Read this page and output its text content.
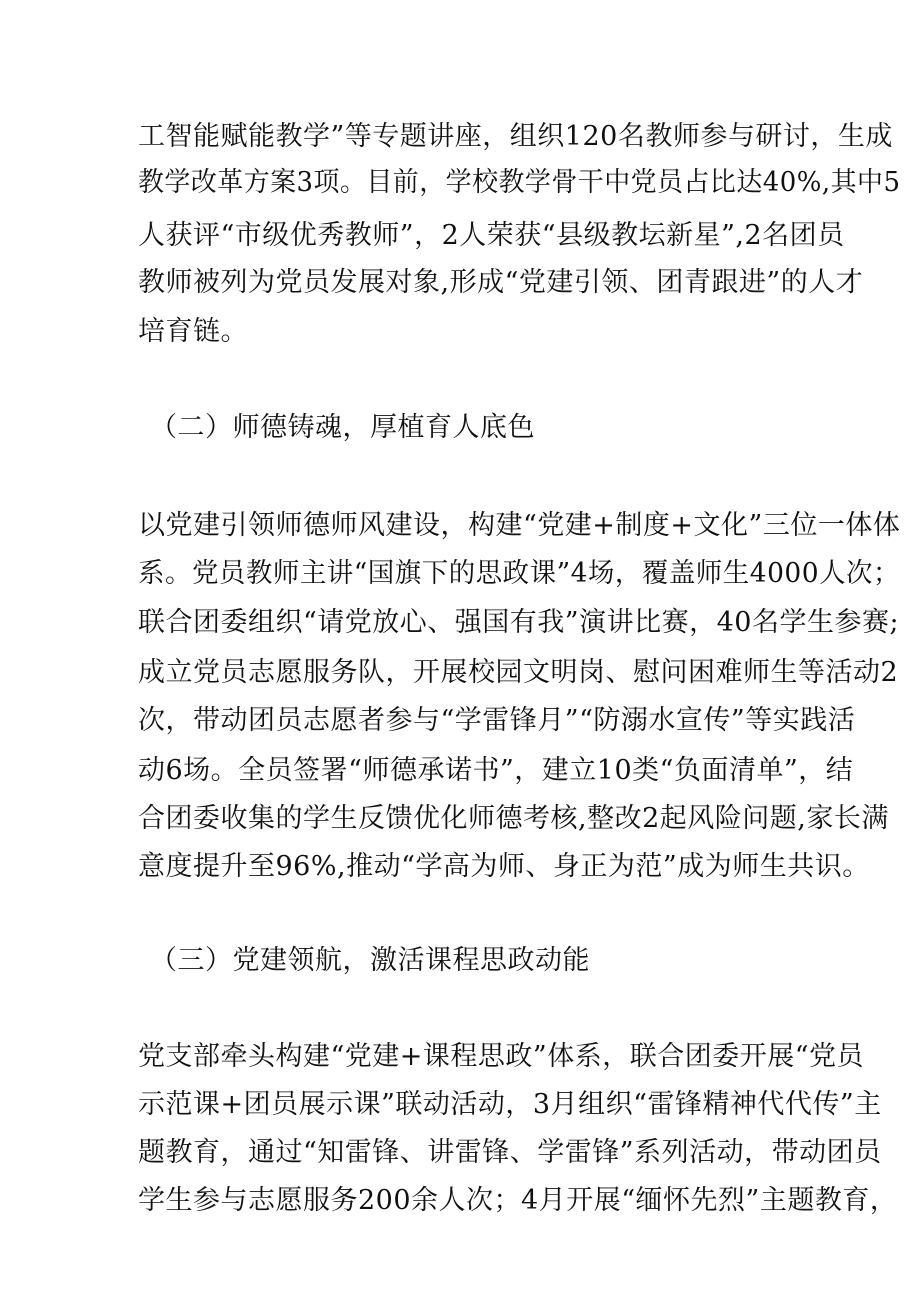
工智能赋能教学”等专题讲座，组织120名教师参与研讨，生成

教学改革方案3项。目前，学校教学骨干中党员占比达40%,其中5

人获评“市级优秀教师”，2人荣获“县级教坛新星”,2名团员

教师被列为党员发展对象,形成“党建引领、团青跟进”的人才

培育链。

（二）师德铸魂，厚植育人底色

以党建引领师德师风建设，构建“党建+制度+文化”三位一体体

系。党员教师主讲“国旗下的思政课”4场，覆盖师生4000人次；

联合团委组织“请党放心、强国有我”演讲比赛，40名学生参赛;

成立党员志愿服务队，开展校园文明岗、慰问困难师生等活动2

次，带动团员志愿者参与“学雷锋月”“防溺水宣传”等实践活

动6场。全员签署“师德承诺书”，建立10类“负面清单”，结

合团委收集的学生反馈优化师德考核,整改2起风险问题,家长满

意度提升至96%,推动“学高为师、身正为范”成为师生共识。

（三）党建领航，激活课程思政动能

党支部牵头构建“党建+课程思政”体系，联合团委开展“党员

示范课+团员展示课”联动活动，3月组织“雷锋精神代代传”主

题教育，通过“知雷锋、讲雷锋、学雷锋”系列活动，带动团员

学生参与志愿服务200余人次；4月开展“缅怀先烈”主题教育，
